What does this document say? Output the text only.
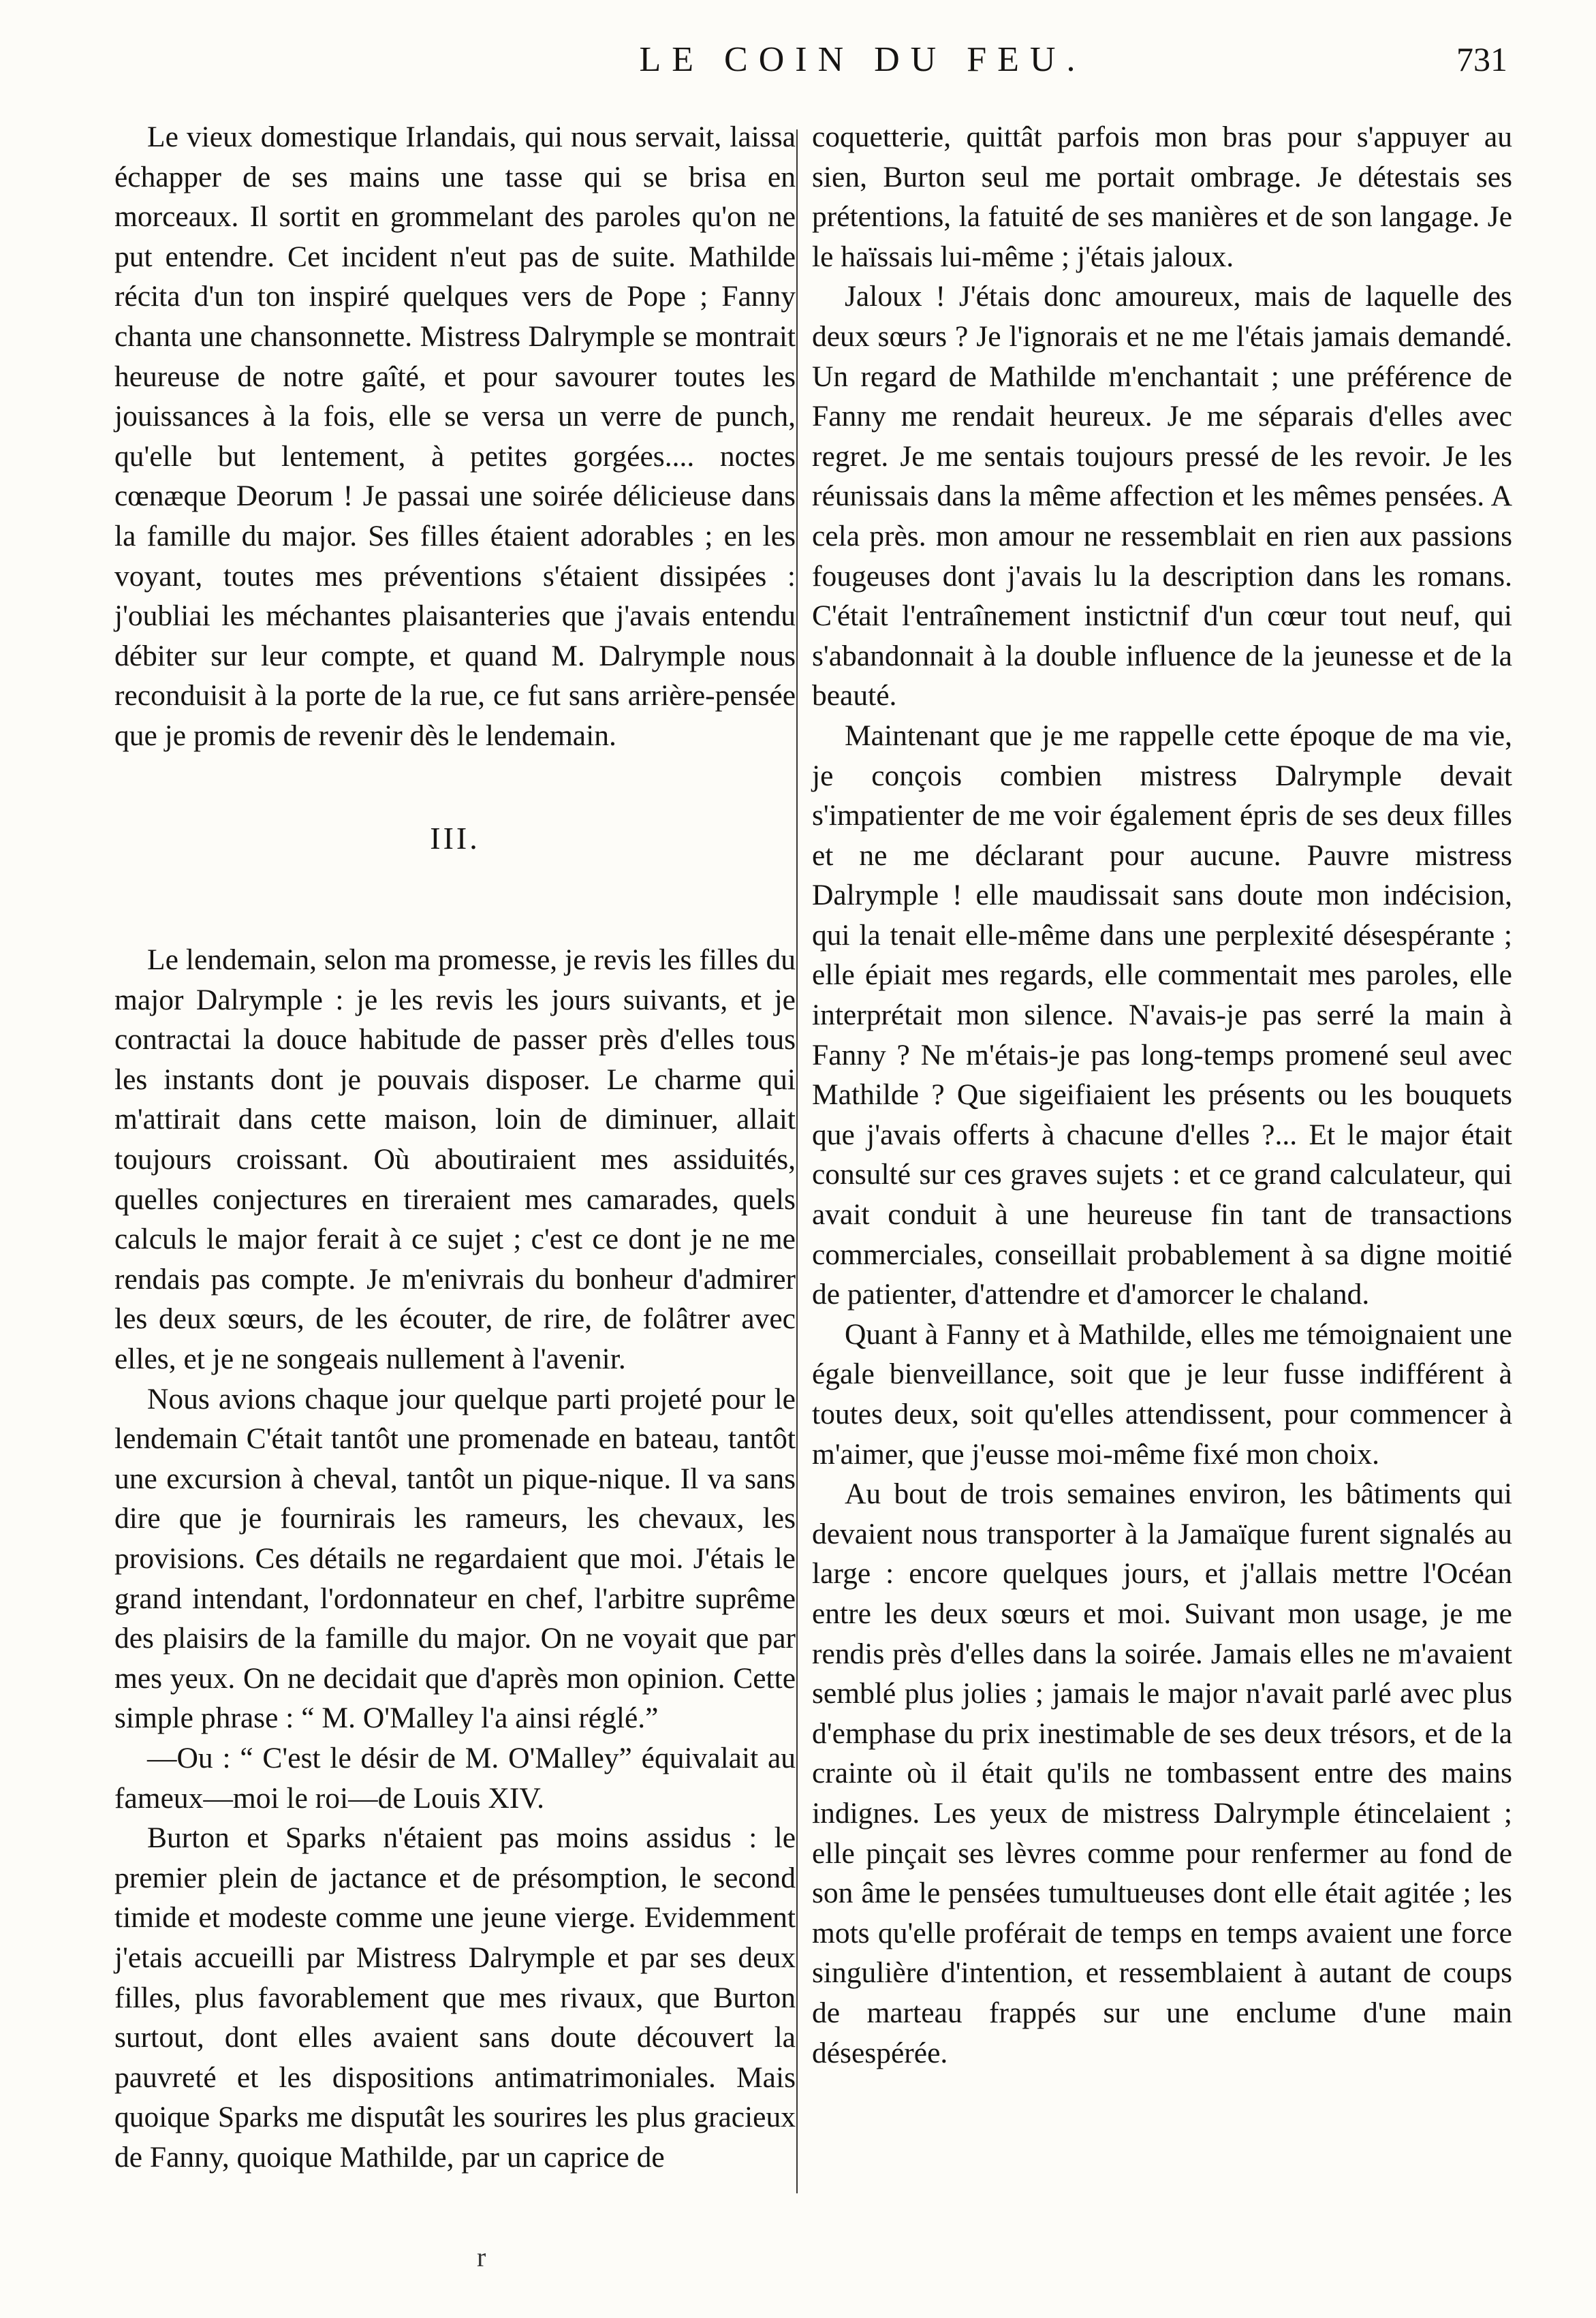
LE COIN DU FEU.	731

Le vieux domestique Irlandais, qui nous servait, laissa échapper de ses mains une tasse qui se brisa en morceaux. Il sortit en grommelant des paroles qu'on ne put entendre. Cet incident n'eut pas de suite. Mathilde récita d'un ton inspiré quelques vers de Pope ; Fanny chanta une chansonnette. Mistress Dalrymple se montrait heureuse de notre gaîté, et pour savourer toutes les jouissances à la fois, elle se versa un verre de punch, qu'elle but lentement, à petites gorgées.... noctes cœnæque Deorum ! Je passai une soirée délicieuse dans la famille du major. Ses filles étaient adorables ; en les voyant, toutes mes préventions s'étaient dissipées : j'oubliai les méchantes plaisanteries que j'avais entendu débiter sur leur compte, et quand M. Dalrymple nous reconduisit à la porte de la rue, ce fut sans arrière-pensée que je promis de revenir dès le lendemain.

III.

Le lendemain, selon ma promesse, je revis les filles du major Dalrymple : je les revis les jours suivants, et je contractai la douce habitude de passer près d'elles tous les instants dont je pouvais disposer. Le charme qui m'attirait dans cette maison, loin de diminuer, allait toujours croissant. Où aboutiraient mes assiduités, quelles conjectures en tireraient mes camarades, quels calculs le major ferait à ce sujet ; c'est ce dont je ne me rendais pas compte. Je m'enivrais du bonheur d'admirer les deux sœurs, de les écouter, de rire, de folâtrer avec elles, et je ne songeais nullement à l'avenir.

Nous avions chaque jour quelque parti projeté pour le lendemain C'était tantôt une promenade en bateau, tantôt une excursion à cheval, tantôt un pique-nique. Il va sans dire que je fournirais les rameurs, les chevaux, les provisions. Ces détails ne regardaient que moi. J'étais le grand intendant, l'ordonnateur en chef, l'arbitre suprême des plaisirs de la famille du major. On ne voyait que par mes yeux. On ne decidait que d'après mon opinion. Cette simple phrase : “ M. O'Malley l'a ainsi réglé.”

—Ou : “ C'est le désir de M. O'Malley” équivalait au fameux—moi le roi—de Louis XIV.

Burton et Sparks n'étaient pas moins assidus : le premier plein de jactance et de présomption, le second timide et modeste comme une jeune vierge. Evidemment j'etais accueilli par Mistress Dalrymple et par ses deux filles, plus favorablement que mes rivaux, que Burton surtout, dont elles avaient sans doute découvert la pauvreté et les dispositions antimatrimoniales. Mais quoique Sparks me disputât les sourires les plus gracieux de Fanny, quoique Mathilde, par un caprice de

coquetterie, quittât parfois mon bras pour s'appuyer au sien, Burton seul me portait ombrage. Je détestais ses prétentions, la fatuité de ses manières et de son langage. Je le haïssais lui-même ; j'étais jaloux.

Jaloux ! J'étais donc amoureux, mais de laquelle des deux sœurs ? Je l'ignorais et ne me l'étais jamais demandé. Un regard de Mathilde m'enchantait ; une préférence de Fanny me rendait heureux. Je me séparais d'elles avec regret. Je me sentais toujours pressé de les revoir. Je les réunissais dans la même affection et les mêmes pensées. A cela près. mon amour ne ressemblait en rien aux passions fougeuses dont j'avais lu la description dans les romans. C'était l'entraînement instictnif d'un cœur tout neuf, qui s'abandonnait à la double influence de la jeunesse et de la beauté.

Maintenant que je me rappelle cette époque de ma vie, je conçois combien mistress Dalrymple devait s'impatienter de me voir également épris de ses deux filles et ne me déclarant pour aucune. Pauvre mistress Dalrymple ! elle maudissait sans doute mon indécision, qui la tenait elle-même dans une perplexité désespérante ; elle épiait mes regards, elle commentait mes paroles, elle interprétait mon silence. N'avais-je pas serré la main à Fanny ? Ne m'étais-je pas long-temps promené seul avec Mathilde ? Que sigeifiaient les présents ou les bouquets que j'avais offerts à chacune d'elles ?... Et le major était consulté sur ces graves sujets : et ce grand calculateur, qui avait conduit à une heureuse fin tant de transactions commerciales, conseillait probablement à sa digne moitié de patienter, d'attendre et d'amorcer le chaland.

Quant à Fanny et à Mathilde, elles me témoignaient une égale bienveillance, soit que je leur fusse indifférent à toutes deux, soit qu'elles attendissent, pour commencer à m'aimer, que j'eusse moi-même fixé mon choix.

Au bout de trois semaines environ, les bâtiments qui devaient nous transporter à la Jamaïque furent signalés au large : encore quelques jours, et j'allais mettre l'Océan entre les deux sœurs et moi. Suivant mon usage, je me rendis près d'elles dans la soirée. Jamais elles ne m'avaient semblé plus jolies ; jamais le major n'avait parlé avec plus d'emphase du prix inestimable de ses deux trésors, et de la crainte où il était qu'ils ne tombassent entre des mains indignes. Les yeux de mistress Dalrymple étincelaient ; elle pinçait ses lèvres comme pour renfermer au fond de son âme le pensées tumultueuses dont elle était agitée ; les mots qu'elle proférait de temps en temps avaient une force singulière d'intention, et ressemblaient à autant de coups de marteau frappés sur une enclume d'une main désespérée.

r
